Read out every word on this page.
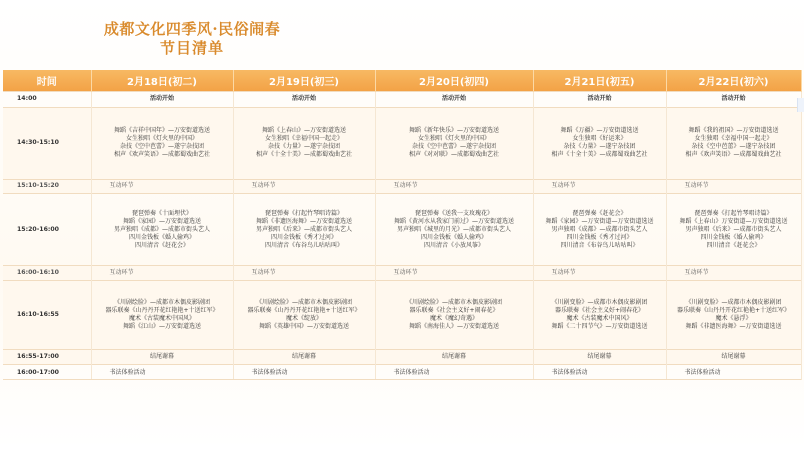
成都文化四季风·民俗闹春
节目清单
时间	2月18日(初二)	2月19日(初三)	2月20日(初四)	2月21日(初五)	2月22日(初六)
14:00	活动开始	活动开始	活动开始	活动开始	活动开始

14:30-15:10	舞蹈《吉祥中国年》—万安街道选送
女生独唱《灯火里的中国》
杂技《空中芭蕾》—遂宁杂技团
相声《欢声笑语》—成都蜀戏曲艺社	舞蹈《上春山》—万安街道选送
女生独唱《幸福中国一起走》
杂技《力量》—遂宁杂技团
相声《十全十美》—成都蜀戏曲艺社	舞蹈《新年快乐》—万安街道选送
女生独唱《灯火里的中国》
杂技《空中芭蕾》—遂宁杂技团
相声《对对联》—成都蜀戏曲艺社	舞蹈《万疆》—万安街道选送
女生独唱《好运来》
杂技《力量》—遂宁杂技团
相声《十全十美》—成都蜀戏曲艺社	舞蹈《我的祖国》—万安街道选送
女生独唱《幸福中国一起走》
杂技《空中芭蕾》—遂宁杂技团
相声《欢声笑语》—成都蜀戏曲艺社

15:10-15:20	互动环节	互动环节	互动环节	互动环节	互动环节

15:20-16:00	琵琶弹奏《十面埋伏》
舞蹈《家园》—万安街道选送
男声独唱《成都》—成都市街头艺人
四川金钱板《婚人偷鸡》
四川清音《赶花会》	琵琶弹奏《打起竹琴唱诗篇》
舞蹈《非遗医海舞》—万安街道选送
男声独唱《后来》—成都市街头艺人
四川金钱板《秀才过河》
四川清音《布谷鸟儿咕咕叫》	琵琶弹奏《送我一支玫瑰花》
舞蹈《黄河水从我家门前过》—万安街道选送
男声独唱《城里的月光》—成都市街头艺人
四川金钱板《婚人偷鸡》
四川清音《小放风筝》	琵琶弹奏《赶花会》
舞蹈《家园》—万安街道—万安街道选送
男声独唱《成都》—成都市街头艺人
四川金钱板《秀才过河》
四川清音《布谷鸟儿咕咕叫》	琵琶弹奏《打起竹琴唱诗篇》
舞蹈《上春山》万安街道—万安街道选送
男声独唱《后来》—成都市街头艺人
四川金钱板《婚人偷鸡》
四川清音《赶花会》

16:00-16:10	互动环节	互动环节	互动环节	互动环节	互动环节

16:10-16:55	《川剧绘脸》—成都市木偶皮影剧团
器乐联奏《山丹丹开花红艳艳+十送红军》
魔术《古装魔术中国风》
舞蹈《江山》—万安街道选送	《川剧绘脸》—成都市木偶皮影剧团
器乐联奏《山丹丹开花红艳艳+十送红军》
魔术《绽放》
舞蹈《英雄中国》—万安街道选送	《川剧绘脸》—成都市木偶皮影剧团
器乐联奏《社会主义好+闹春花》
魔术《魔幻奇遇》
舞蹈《南海佳人》—万安街道选送	《川剧变脸》—成都市木偶皮影剧团
器乐联奏《社会主义好+闹春花》
魔术《古装魔术中国风》
舞蹈《二十四节气》—万安街道选送	《川剧变脸》—成都市木偶皮影剧团
器乐联奏《山丹丹开花红艳艳+十送红军》
魔术《悬浮》
舞蹈《非遗医海舞》—万安街道选送

16:55-17:00	结尾谢幕	结尾谢幕	结尾谢幕	结尾谢幕	结尾谢幕

16:00-17:00	书法体验活动	书法体验活动	书法体验活动	书法体验活动	书法体验活动
